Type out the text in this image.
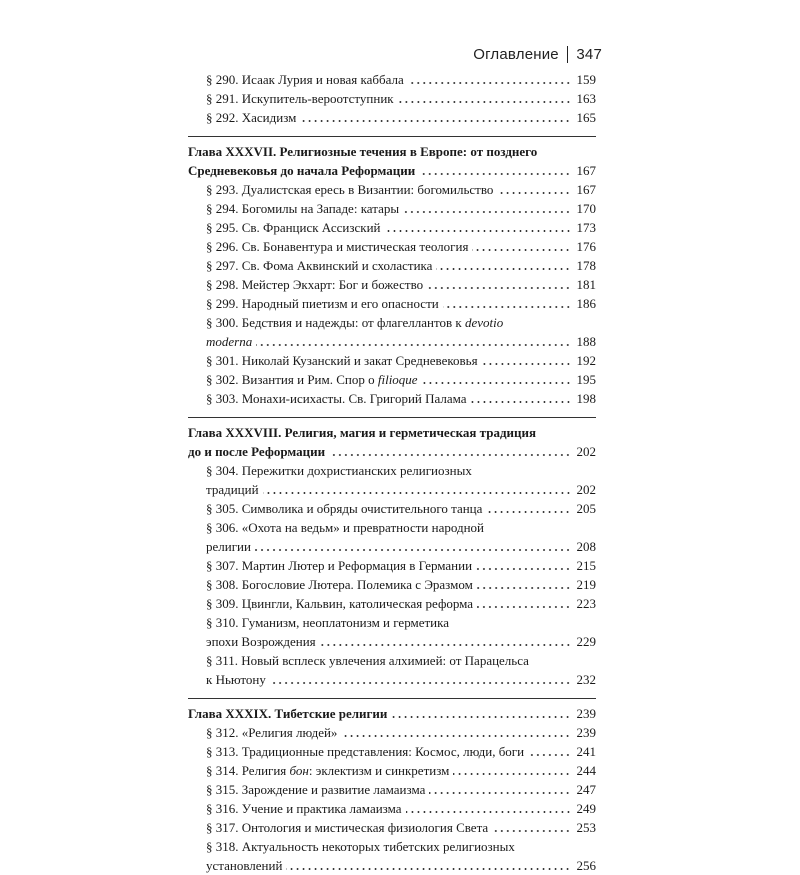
Оглавление 347
§ 290. Исаак Лурия и новая каббала	159
§ 291. Искупитель-вероотступник	163
§ 292. Хасидизм	165
Глава XXXVII. Религиозные течения в Европе: от позднего
Средневековья до начала Реформации	167
§ 293. Дуалистская ересь в Византии: богомильство	167
§ 294. Богомилы на Западе: катары	170
§ 295. Св. Франциск Ассизский	173
§ 296. Св. Бонавентура и мистическая теология	176
§ 297. Св. Фома Аквинский и схоластика	178
§ 298. Мейстер Экхарт: Бог и божество	181
§ 299. Народный пиетизм и его опасности	186
§ 300. Бедствия и надежды: от флагеллантов к devotio
moderna	188
§ 301. Николай Кузанский и закат Средневековья	192
§ 302. Византия и Рим. Спор о filioque	195
§ 303. Монахи-исихасты. Св. Григорий Палама	198
Глава XXXVIII. Религия, магия и герметическая традиция
до и после Реформации	202
§ 304. Пережитки дохристианских религиозных
традиций	202
§ 305. Символика и обряды очистительного танца	205
§ 306. «Охота на ведьм» и превратности народной
религии	208
§ 307. Мартин Лютер и Реформация в Германии	215
§ 308. Богословие Лютера. Полемика с Эразмом	219
§ 309. Цвингли, Кальвин, католическая реформа	223
§ 310. Гуманизм, неоплатонизм и герметика
эпохи Возрождения	229
§ 311. Новый всплеск увлечения алхимией: от Парацельса
к Ньютону	232
Глава XXXIX. Тибетские религии	239
§ 312. «Религия людей»	239
§ 313. Традиционные представления: Космос, люди, боги	241
§ 314. Религия бон: эклектизм и синкретизм	244
§ 315. Зарождение и развитие ламаизма	247
§ 316. Учение и практика ламаизма	249
§ 317. Онтология и мистическая физиология Света	253
§ 318. Актуальность некоторых тибетских религиозных
установлений	256
